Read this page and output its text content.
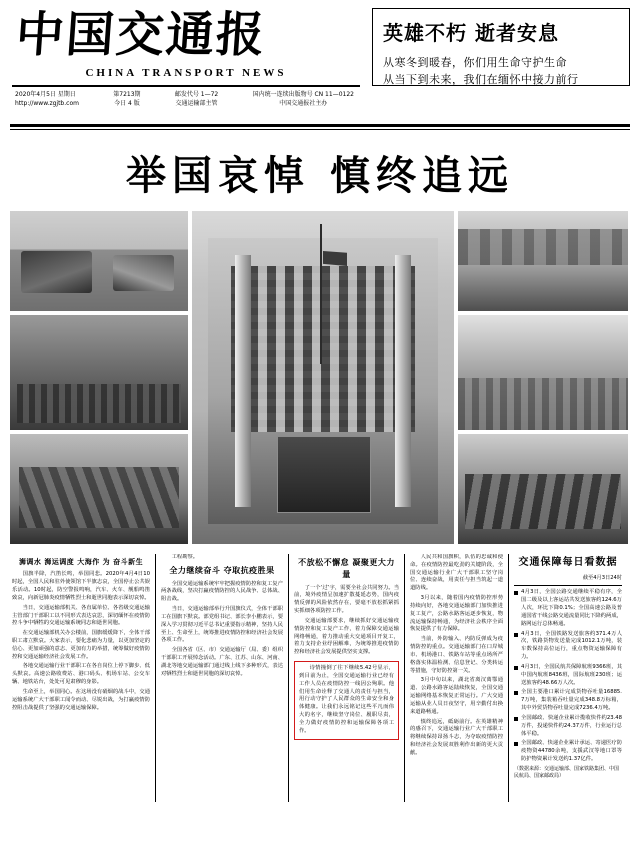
中国交通报
CHINA TRANSPORT NEWS
2020年4月5日 星期日
http://www.zgjtb.com
第7213期
今日 4 版
邮发代号 1—72
交通运输部主管
国内统一连续出版物号 CN 11—0122
中国交通报社主办
英雄不朽 逝者安息
从寒冬到暖春，你们用生命守护生命
从当下到未来，我们在缅怀中接力前行
举国哀悼 慎终追远
浉调水 浉运调度 大海作 为 奋斗新生

国旗半降，汽笛长鸣，举国同悲。2020年4月4日10时起，全国人民和驻外使领馆下半旗志哀，全国停止公共娱乐活动。10时起，防空警报鸣响，汽车、火车、舰船鸣笛致哀，向新冠肺炎疫情牺牲烈士和逝世同胞表示深切哀悼。

当日，交通运输部机关、各直属单位、各省级交通运输主管部门干部职工以不同形式表达哀思，深切缅怀在疫情防控斗争中牺牲的交通运输系统同志和逝世同胞。

在交通运输部机关办公楼前，国旗缓缓降下，全体干部职工肃立默哀。大家表示，要化悲痛为力量，以更加坚定的信心、更加顽强的意志、更加有力的举措，统筹做好疫情防控和交通运输经济社会发展工作。

各地交通运输行业干部职工在各自岗位上停下脚步、低头默哀。高速公路收费站、港口码头、机场车站、公交车辆、地铁站台，处处可见肃穆的身影。

生命至上，举国同心。在这场没有硝烟的战斗中，交通运输系统广大干部职工闻令而动、尽锐出战，为打赢疫情防控阻击战提供了坚强的交通运输保障。

工程勘察。

全力继续奋斗 夺取抗疫胜果

全国交通运输系统牢牢把握疫情防控和复工复产两条战线，坚决打赢疫情防控的人民战争、总体战、阻击战。

当日，交通运输部举行升国旗仪式，全体干部职工在国旗下默哀。部党组书记、部长李小鹏表示，要深入学习贯彻习近平总书记重要指示精神，坚持人民至上、生命至上，统筹推进疫情防控和经济社会发展各项工作。

全国各省（区、市）交通运输厅（局、委）组织干部职工开展悼念活动。广东、江苏、山东、河南、湖北等地交通运输部门通过线上线下多种形式，表达对牺牲烈士和逝世同胞的深切哀悼。

不放松不懈怠 凝聚更大力量

了一个‘过’字，需要全社会共同努力。当前，境外疫情呈加速扩散蔓延态势，国内疫情反弹的风险依然存在，要毫不放松抓紧抓实抓细各项防控工作。

交通运输部要求，继续抓好交通运输疫情防控和复工复产工作，着力保障交通运输网络畅通，着力推动重大交通项目开复工，着力支持企业纾困解难，为统筹推进疫情防控和经济社会发展提供坚实支撑。

诗情撞倒了往下继续5.42号显示，到目前为止，全国交通运输行业已经有工作人员在疫情防控一线因公殉职。他们用生命诠释了交通人的责任与担当，用行动守护了人民群众的生命安全和身体健康。让我们永远铭记这些平凡而伟大的名字，继续坚守岗位、履职尽责，全力做好疫情防控和运输保障各项工作。

人民共和国旗帜，队伍的忠诚和使命。在疫情防控最吃劲的关键阶段，全国交通运输行业广大干部职工坚守岗位、连续奋战，用责任与担当筑起一道道防线。

3月以来，随着国内疫情防控形势持续向好，各地交通运输部门加快推进复工复产，公路水路客运逐步恢复，物流运输保持畅通，为经济社会秩序全面恢复提供了有力保障。

当前，外防输入、内防反弹成为疫情防控的重点。交通运输部门在口岸城市、机场港口、铁路车站等重点场所严格落实体温检测、信息登记、分类转运等措施，守好防控第一关。

3月中旬以来，湖北省离汉离鄂通道、公路水路客运陆续恢复，全国交通运输网络基本恢复正常运行。广大交通运输从业人员日夜坚守，用辛勤付出换来道路畅通。

慎终追远，砥砺前行。在英雄精神的感召下，交通运输行业广大干部职工将继续保持昂扬斗志，为夺取疫情防控和经济社会发展双胜利作出新的更大贡献。

交通保障每日看数据
截至4月3日24时
4月3日，全国公路交通继续平稳有序，全国二级及以上客运站共发送旅客约124.6万人次，环比下降0.1%；全国高速公路及普通国省干线公路交通流量同比下降约两成，路网运行总体畅通。
4月3日，全国铁路发送旅客约371.4万人次，铁路货物发送量完成1012.1万吨，装车数保持高位运行，重点物资运输保障有力。
4月3日，全国民航共保障航班9366班，其中国内航班8436班，国际航班230班；运送旅客约48.66万人次。
全国主要港口累计完成货物吞吐量16885.7万吨，集装箱吞吐量完成348.8万标箱，其中外贸货物吞吐量完成7236.4万吨。
全国邮政、快递企业累计揽收快件约23.48万件，投递快件约24.37万件，行业运行总体平稳。
全国邮政、快递企业累计承运、寄递医疗防疫物资44780余吨，支援武汉等地口罩等防护物资累计发送约1.37亿件。
（数据来源：交通运输部、国家铁路集团、中国民航局、国家邮政局）
